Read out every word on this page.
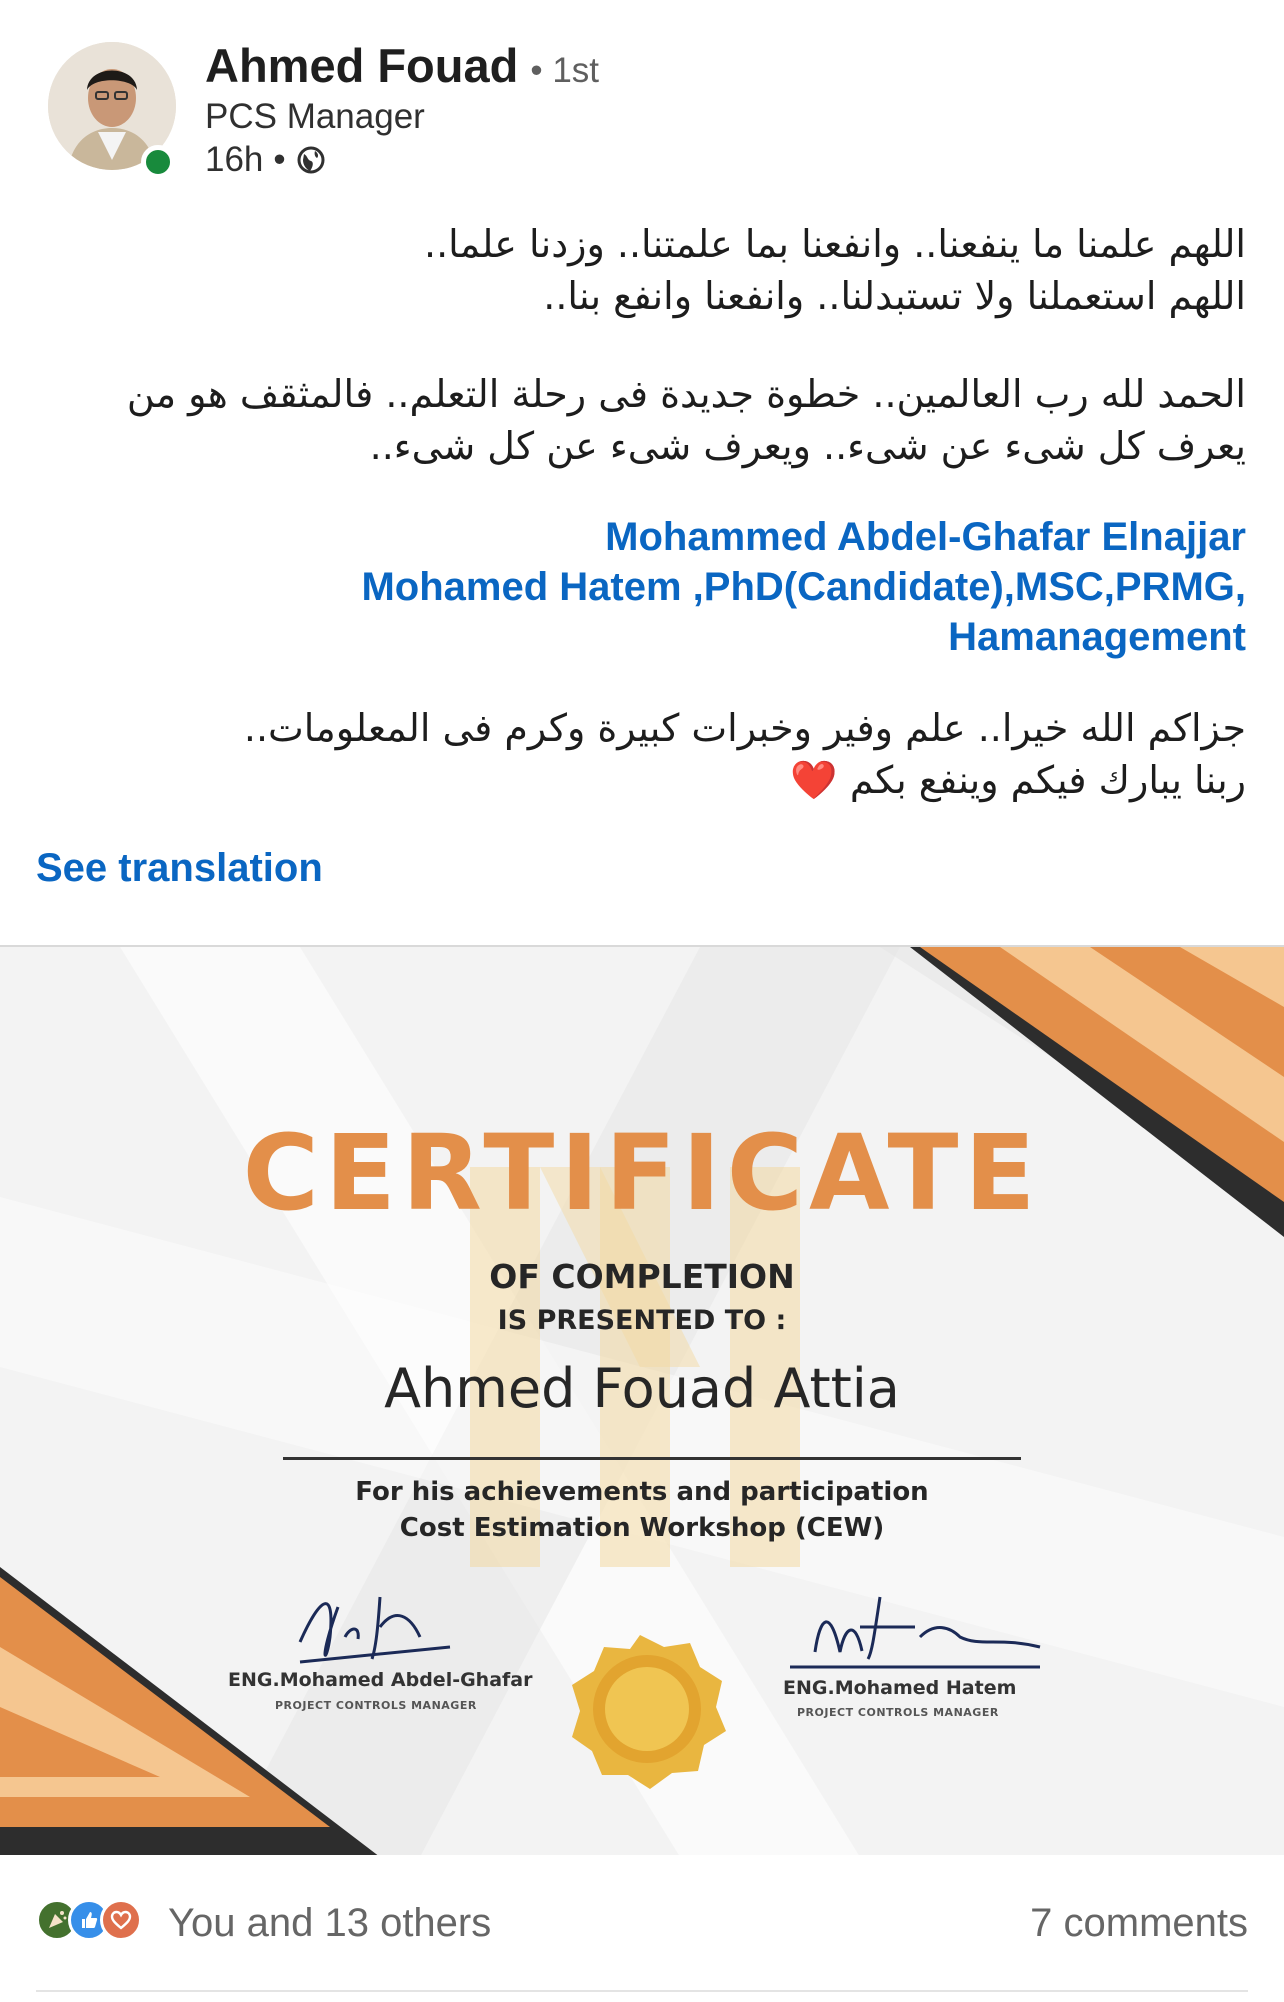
Ahmed Fouad • 1st
PCS Manager
16h •
اللهم علمنا ما ينفعنا.. وانفعنا بما علمتنا.. وزدنا علما..
اللهم استعملنا ولا تستبدلنا.. وانفعنا وانفع بنا..
الحمد لله رب العالمين.. خطوة جديدة فى رحلة التعلم.. فالمثقف هو من
يعرف كل شىء عن شىء.. ويعرف شىء عن كل شىء..
Mohammed Abdel-Ghafar Elnajjar
Mohamed Hatem ,PhD(Candidate),MSC,PRMG,
Hamanagement
جزاكم الله خيرا.. علم وفير وخبرات كبيرة وكرم فى المعلومات..
ربنا يبارك فيكم وينفع بكم ❤️
See translation
CERTIFICATE
OF COMPLETION
IS PRESENTED TO :
Ahmed Fouad Attia
For his achievements and participation
Cost Estimation Workshop (CEW)
ENG.Mohamed Abdel-Ghafar
PROJECT CONTROLS MANAGER
ENG.Mohamed Hatem
PROJECT CONTROLS MANAGER
You and 13 others	7 comments
